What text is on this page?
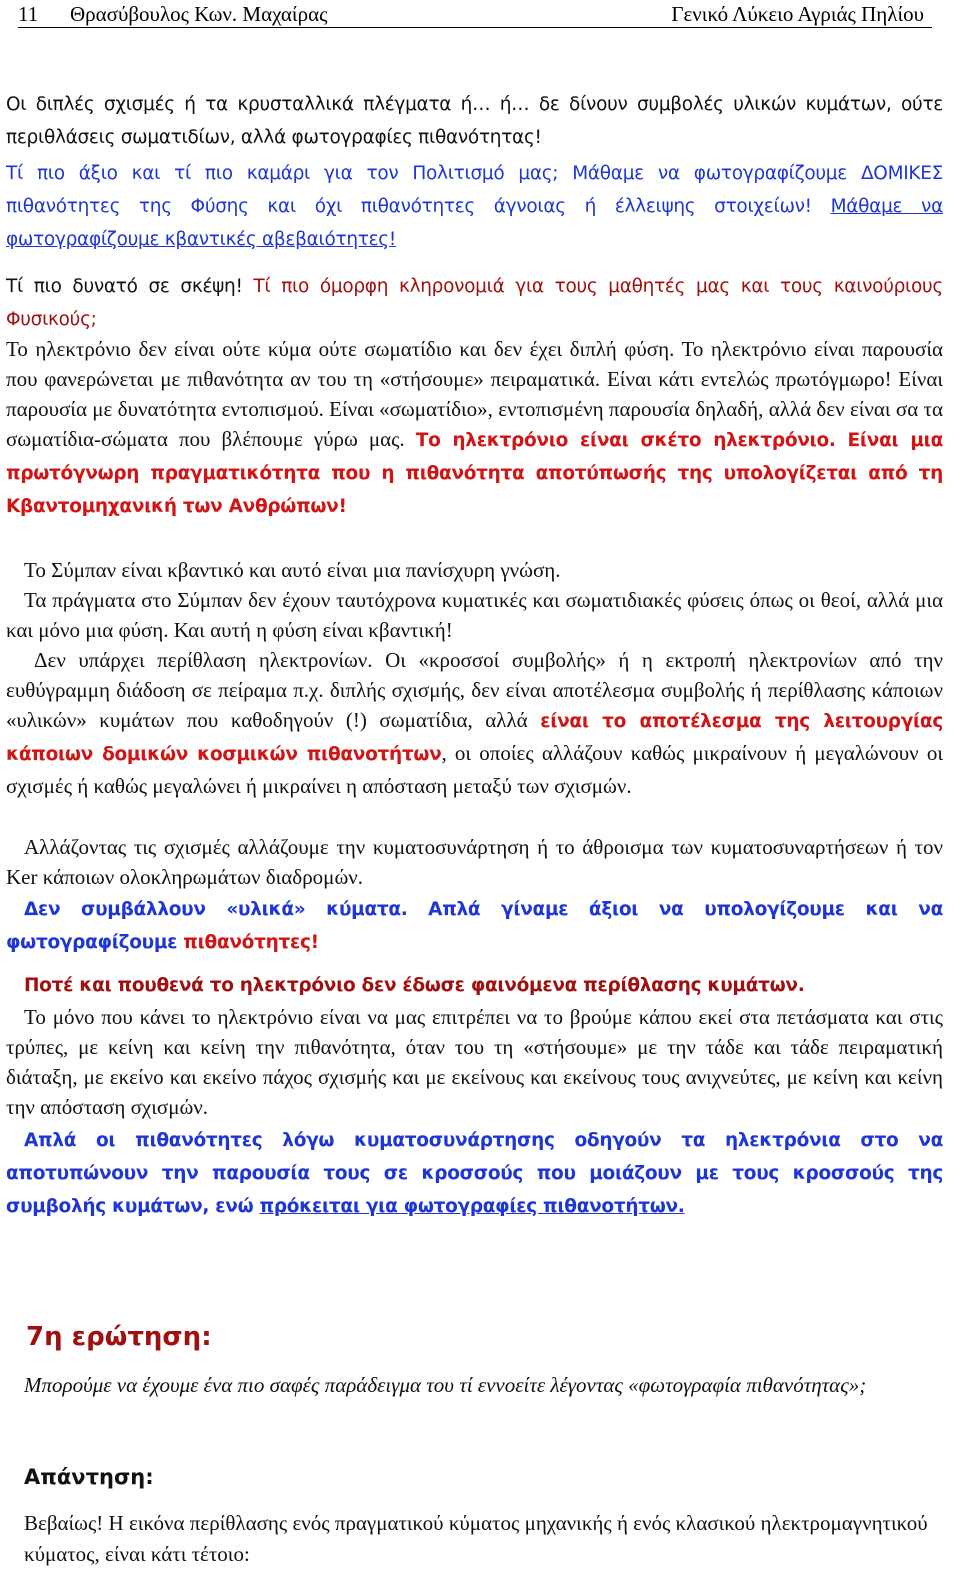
11 Θρασύβουλος Κων. Μαχαίρας	Γενικό Λύκειο Αγριάς Πηλίου

Οι διπλές σχισμές ή τα κρυσταλλικά πλέγματα ή… ή… δε δίνουν συμβολές υλικών κυμάτων, ούτε περιθλάσεις σωματιδίων, αλλά φωτογραφίες πιθανότητας!

Τί πιο άξιο και τί πιο καμάρι για τον Πολιτισμό μας; Μάθαμε να φωτογραφίζουμε ΔΟΜΙΚΕΣ πιθανότητες της Φύσης και όχι πιθανότητες άγνοιας ή έλλειψης στοιχείων! Μάθαμε να φωτογραφίζουμε κβαντικές αβεβαιότητες!

Τί πιο δυνατό σε σκέψη! Τί πιο όμορφη κληρονομιά για τους μαθητές μας και τους καινούριους Φυσικούς;

Το ηλεκτρόνιο δεν είναι ούτε κύμα ούτε σωματίδιο και δεν έχει διπλή φύση. Το ηλεκτρόνιο είναι παρουσία που φανερώνεται με πιθανότητα αν του τη «στήσουμε» πειραματικά. Είναι κάτι εντελώς πρωτόγμωρο! Είναι παρουσία με δυνατότητα εντοπισμού. Είναι «σωματίδιο», εντοπισμένη παρουσία δηλαδή, αλλά δεν είναι σα τα σωματίδια-σώματα που βλέπουμε γύρω μας. Το ηλεκτρόνιο είναι σκέτο ηλεκτρόνιο. Είναι μια πρωτόγνωρη πραγματικότητα που η πιθανότητα αποτύπωσής της υπολογίζεται από τη Κβαντομηχανική των Ανθρώπων!

Το Σύμπαν είναι κβαντικό και αυτό είναι μια πανίσχυρη γνώση.

Τα πράγματα στο Σύμπαν δεν έχουν ταυτόχρονα κυματικές και σωματιδιακές φύσεις όπως οι θεοί, αλλά μια και μόνο μια φύση. Και αυτή η φύση είναι κβαντική!

Δεν υπάρχει περίθλαση ηλεκτρονίων. Οι «κροσσοί συμβολής» ή η εκτροπή ηλεκτρονίων από την ευθύγραμμη διάδοση σε πείραμα π.χ. διπλής σχισμής, δεν είναι αποτέλεσμα συμβολής ή περίθλασης κάποιων «υλικών» κυμάτων που καθοδηγούν (!) σωματίδια, αλλά είναι το αποτέλεσμα της λειτουργίας κάποιων δομικών κοσμικών πιθανοτήτων, οι οποίες αλλάζουν καθώς μικραίνουν ή μεγαλώνουν οι σχισμές ή καθώς μεγαλώνει ή μικραίνει η απόσταση μεταξύ των σχισμών.

Αλλάζοντας τις σχισμές αλλάζουμε την κυματοσυνάρτηση ή το άθροισμα των κυματοσυναρτήσεων ή τον Ker κάποιων ολοκληρωμάτων διαδρομών.

Δεν συμβάλλουν «υλικά» κύματα. Απλά γίναμε άξιοι να υπολογίζουμε και να φωτογραφίζουμε πιθανότητες!

Ποτέ και πουθενά το ηλεκτρόνιο δεν έδωσε φαινόμενα περίθλασης κυμάτων.

Το μόνο που κάνει το ηλεκτρόνιο είναι να μας επιτρέπει να το βρούμε κάπου εκεί στα πετάσματα και στις τρύπες, με κείνη και κείνη την πιθανότητα, όταν του τη «στήσουμε» με την τάδε και τάδε πειραματική διάταξη, με εκείνο και εκείνο πάχος σχισμής και με εκείνους και εκείνους τους ανιχνεύτες, με κείνη και κείνη την απόσταση σχισμών.

Απλά οι πιθανότητες λόγω κυματοσυνάρτησης οδηγούν τα ηλεκτρόνια στο να αποτυπώνουν την παρουσία τους σε κροσσούς που μοιάζουν με τους κροσσούς της συμβολής κυμάτων, ενώ πρόκειται για φωτογραφίες πιθανοτήτων.

7η ερώτηση:

Μπορούμε να έχουμε ένα πιο σαφές παράδειγμα του τί εννοείτε λέγοντας «φωτογραφία πιθανότητας»;

Απάντηση:

Βεβαίως! Η εικόνα περίθλασης ενός πραγματικού κύματος μηχανικής ή ενός κλασικού ηλεκτρομαγνητικού κύματος, είναι κάτι τέτοιο:
